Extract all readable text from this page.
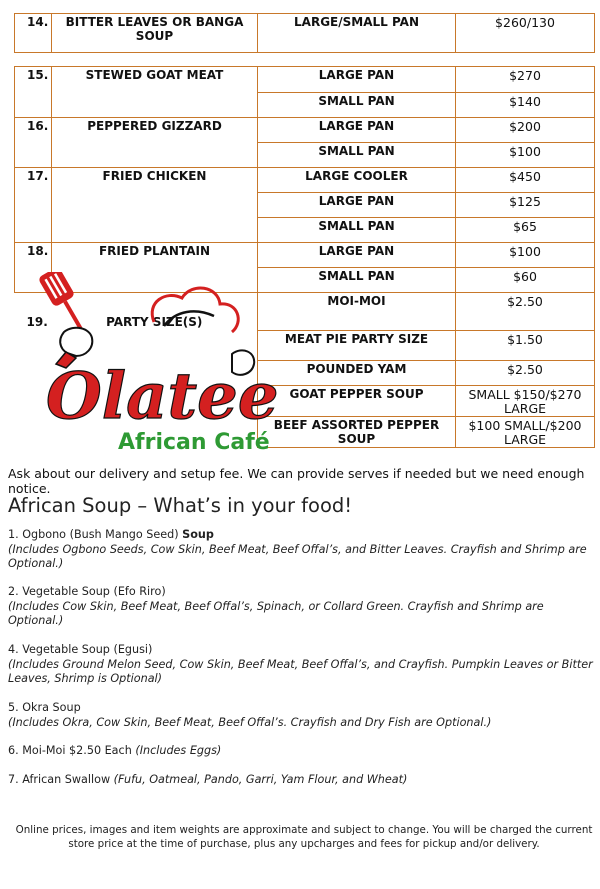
14.	BITTER LEAVES OR BANGA SOUP	LARGE/SMALL PAN	$260/130
15.	STEWED GOAT MEAT	LARGE PAN	$270
		SMALL PAN	$140
16.	PEPPERED GIZZARD	LARGE PAN	$200
		SMALL PAN	$100
17.	FRIED CHICKEN	LARGE COOLER	$450
		LARGE PAN	$125
		SMALL PAN	$65
18.	FRIED PLANTAIN	LARGE PAN	$100
		SMALL PAN	$60
19.	PARTY SIZE(S)	MOI-MOI	$2.50
		MEAT PIE PARTY SIZE	$1.50
		POUNDED YAM	$2.50
		GOAT PEPPER SOUP	SMALL $150/$270 LARGE
		BEEF ASSORTED PEPPER SOUP	$100 SMALL/$200 LARGE
Olatee
African Café
Ask about our delivery and setup fee. We can provide serves if needed but we need enough notice.
African Soup – What’s in your food!
1. Ogbono (Bush Mango Seed) Soup
(Includes Ogbono Seeds, Cow Skin, Beef Meat, Beef Offal’s, and Bitter Leaves. Crayfish and Shrimp are Optional.)
2. Vegetable Soup (Efo Riro)
(Includes Cow Skin, Beef Meat, Beef Offal’s, Spinach, or Collard Green. Crayfish and Shrimp are Optional.)
4. Vegetable Soup (Egusi)
(Includes Ground Melon Seed, Cow Skin, Beef Meat, Beef Offal’s, and Crayfish. Pumpkin Leaves or Bitter Leaves, Shrimp is Optional)
5. Okra Soup
(Includes Okra, Cow Skin, Beef Meat, Beef Offal’s. Crayfish and Dry Fish are Optional.)
6. Moi-Moi $2.50 Each (Includes Eggs)
7. African Swallow (Fufu, Oatmeal, Pando, Garri, Yam Flour, and Wheat)
Online prices, images and item weights are approximate and subject to change. You will be charged the current store price at the time of purchase, plus any upcharges and fees for pickup and/or delivery.
